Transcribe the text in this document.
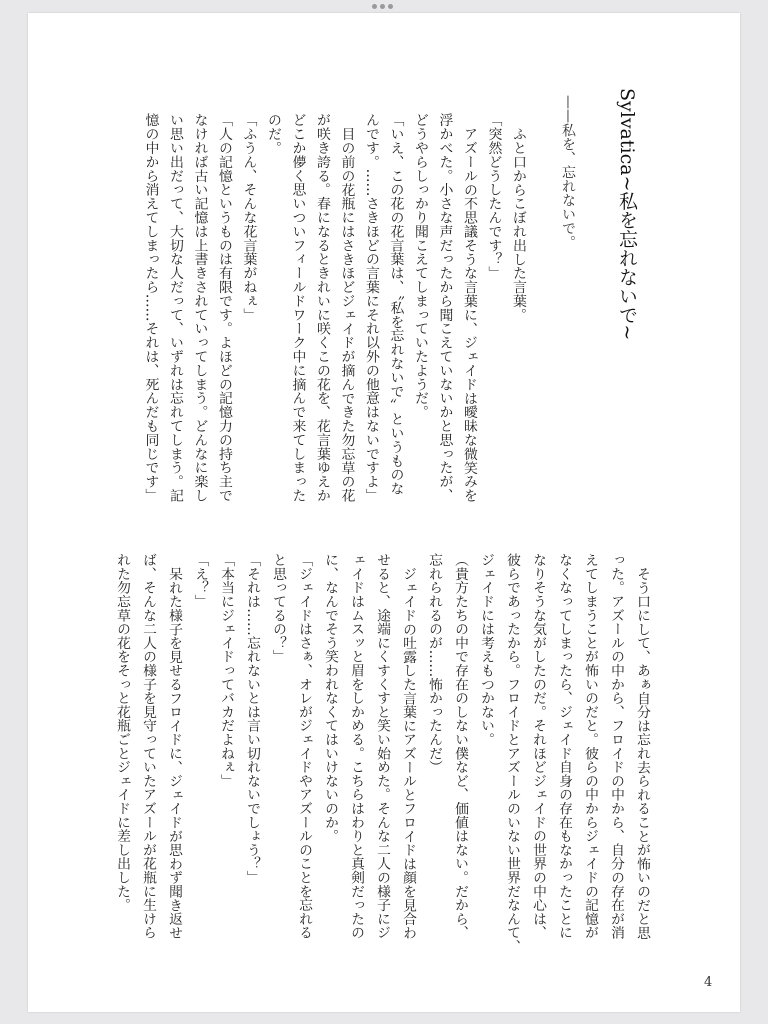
Sylvatica~私を忘れないで~
——私を、忘れないで。
ふと口からこぼれ出した言葉。
「突然どうしたんです？」
アズールの不思議そうな言葉に、ジェイドは曖昧な微笑みを
浮かべた。小さな声だったから聞こえていないかと思ったが、
どうやらしっかり聞こえてしまっていたようだ。
「いえ、この花の花言葉は、〝私を忘れないで〟というものな
んです。……さきほどの言葉にそれ以外の他意はないですよ」
目の前の花瓶にはさきほどジェイドが摘んできた勿忘草の花
が咲き誇る。春になるときれいに咲くこの花を、花言葉ゆえか
どこか儚く思いついフィールドワーク中に摘んで来てしまった
のだ。
「ふうん、そんな花言葉がねぇ」
「人の記憶というものは有限です。よほどの記憶力の持ち主で
なければ古い記憶は上書きされていってしまう。どんなに楽し
い思い出だって、大切な人だって、いずれは忘れてしまう。記
憶の中から消えてしまったら……それは、死んだも同じです」
そう口にして、あぁ自分は忘れ去られることが怖いのだと思
った。アズールの中から、フロイドの中から、自分の存在が消
えてしまうことが怖いのだと。彼らの中からジェイドの記憶が
なくなってしまったら、ジェイド自身の存在もなかったことに
なりそうな気がしたのだ。それほどジェイドの世界の中心は、
彼らであったから。フロイドとアズールのいない世界だなんて、
ジェイドには考えもつかない。
（貴方たちの中で存在のしない僕など、価値はない。だから、
忘れられるのが……怖かったんだ）
ジェイドの吐露した言葉にアズールとフロイドは顔を見合わ
せると、途端にくすくすと笑い始めた。そんな二人の様子にジ
ェイドはムスッと眉をしかめる。こちらはわりと真剣だったの
に、なんでそう笑われなくてはいけないのか。
「ジェイドはさぁ、オレがジェイドやアズールのことを忘れる
と思ってるの？」
「それは……忘れないとは言い切れないでしょう？」
「本当にジェイドってバカだよねぇ」
「え？」
呆れた様子を見せるフロイドに、ジェイドが思わず聞き返せ
ば、そんな二人の様子を見守っていたアズールが花瓶に生けら
れた勿忘草の花をそっと花瓶ごとジェイドに差し出した。
4
